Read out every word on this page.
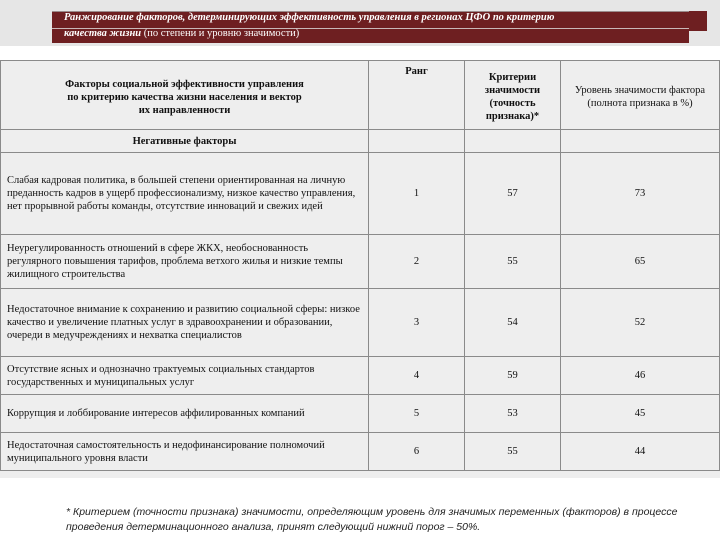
Ранжирование факторов, детерминирующих эффективность управления в регионах ЦФО по критерию
качества жизни (по степени и уровню значимости)
Факторы социальной эффективности управления по критерию качества жизни населения и вектор их направленности	Ранг	Критерии значимости (точность признака)*	Уровень значимости фактора (полнота признака в %)

Негативные факторы			
Слабая кадровая политика, в большей степени ориентированная на личную преданность кадров в ущерб профессионализму, низкое качество управления, нет прорывной работы команды, отсутствие инноваций и свежих идей	1	57	73
Неурегулированность отношений в сфере ЖКХ, необоснованность регулярного повышения тарифов, проблема ветхого жилья и низкие темпы жилищного строительства	2	55	65
Недостаточное внимание к сохранению и развитию социальной сферы: низкое качество и увеличение платных услуг в здравоохранении и образовании, очереди в медучреждениях и нехватка специалистов	3	54	52
Отсутствие ясных и однозначно трактуемых социальных стандартов государственных и муниципальных услуг	4	59	46
Коррупция и лоббирование интересов аффилированных компаний	5	53	45
Недостаточная самостоятельность и недофинансирование полномочий муниципального уровня власти	6	55	44
* Критерием (точности признака) значимости, определяющим уровень для значимых переменных (факторов) в процессе проведения детерминационного анализа, принят следующий нижний порог – 50%.
